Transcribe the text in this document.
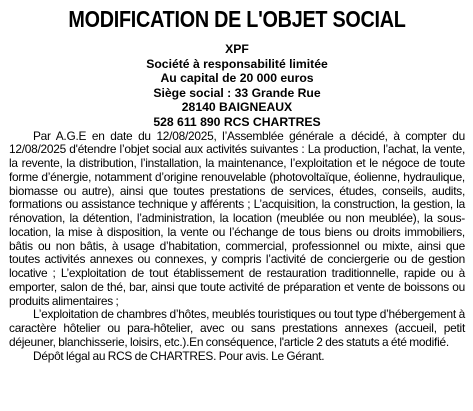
MODIFICATION DE L'OBJET SOCIAL
XPF
Société à responsabilité limitée
Au capital de 20 000 euros
Siège social : 33 Grande Rue
28140 BAIGNEAUX
528 611 890 RCS CHARTRES

Par A.G.E en date du 12/08/2025, l’Assemblée générale a décidé, à compter du 12/08/2025 d'étendre l’objet social aux activités suivantes : La production, l’achat, la vente, la revente, la distribution, l’installation, la maintenance, l’exploitation et le négoce de toute forme d’énergie, notamment d’origine renouvelable (photovoltaïque, éolienne, hydraulique, biomasse ou autre), ainsi que toutes prestations de services, études, conseils, audits, formations ou assistance technique y afférents ; L’acquisition, la construction, la gestion, la rénovation, la détention, l’administration, la location (meublée ou non meublée), la sous-location, la mise à disposition, la vente ou l’échange de tous biens ou droits immobiliers, bâtis ou non bâtis, à usage d’habitation, commercial, professionnel ou mixte, ainsi que toutes activités annexes ou connexes, y compris l’activité de conciergerie ou de gestion locative ; L’exploitation de tout établissement de restauration traditionnelle, rapide ou à emporter, salon de thé, bar, ainsi que toute activité de préparation et vente de boissons ou produits alimentaires ;

L’exploitation de chambres d’hôtes, meublés touristiques ou tout type d’hébergement à caractère hôtelier ou para-hôtelier, avec ou sans prestations annexes (accueil, petit déjeuner, blanchisserie, loisirs, etc.).En conséquence, l'article 2 des statuts a été modifié.

Dépôt légal au RCS de CHARTRES. Pour avis. Le Gérant.
